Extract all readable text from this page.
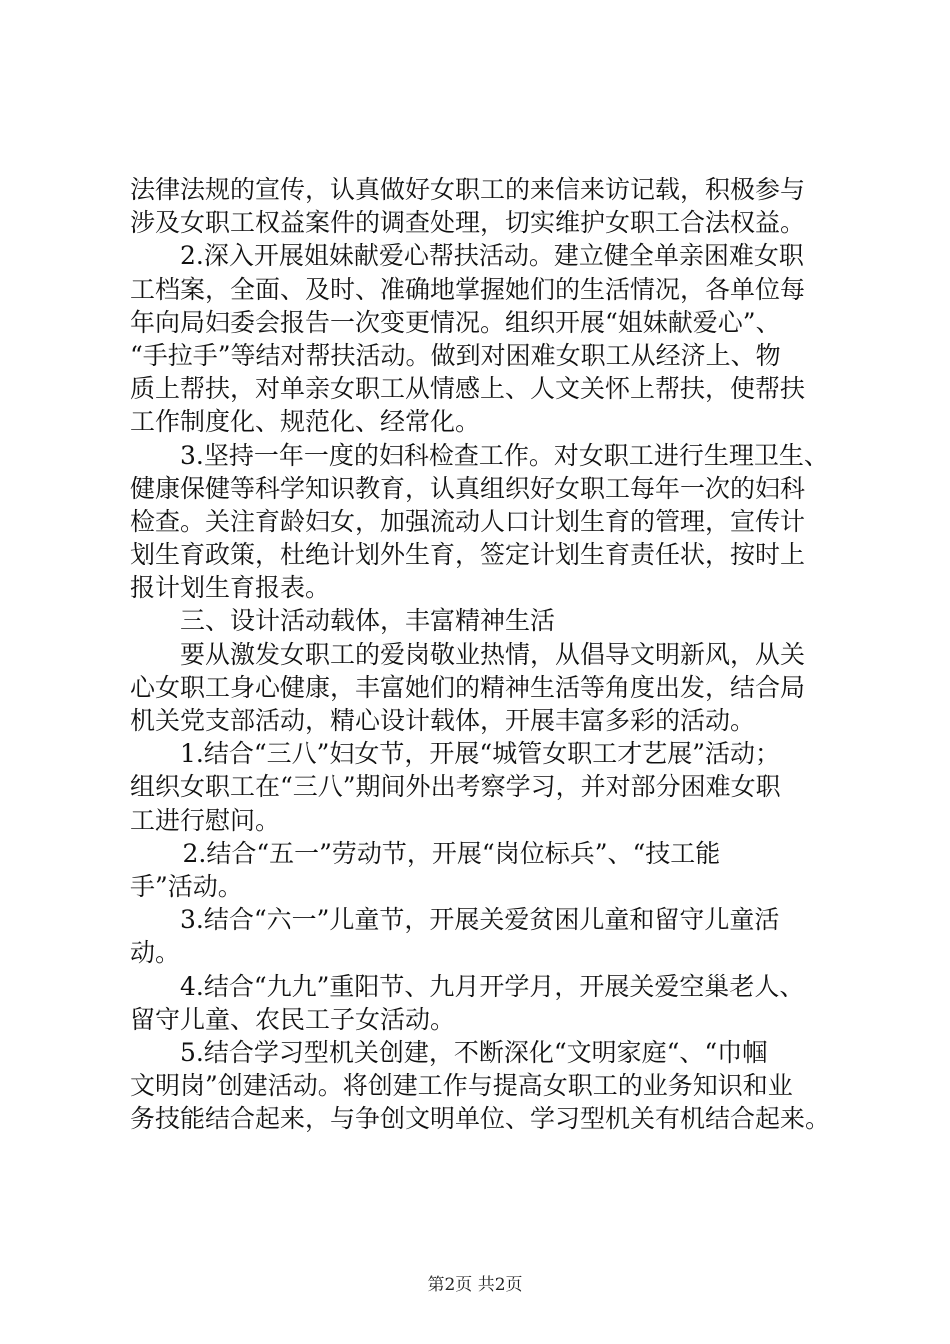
法律法规的宣传，认真做好女职工的来信来访记载，积极参与
涉及女职工权益案件的调查处理，切实维护女职工合法权益。
2.深入开展姐妹献爱心帮扶活动。建立健全单亲困难女职
工档案，全面、及时、准确地掌握她们的生活情况，各单位每
年向局妇委会报告一次变更情况。组织开展“姐妹献爱心”、
“手拉手”等结对帮扶活动。做到对困难女职工从经济上、物
质上帮扶，对单亲女职工从情感上、人文关怀上帮扶，使帮扶
工作制度化、规范化、经常化。
3.坚持一年一度的妇科检查工作。对女职工进行生理卫生、
健康保健等科学知识教育，认真组织好女职工每年一次的妇科
检查。关注育龄妇女，加强流动人口计划生育的管理，宣传计
划生育政策，杜绝计划外生育，签定计划生育责任状，按时上
报计划生育报表。
三、设计活动载体，丰富精神生活
要从激发女职工的爱岗敬业热情，从倡导文明新风，从关
心女职工身心健康，丰富她们的精神生活等角度出发，结合局
机关党支部活动，精心设计载体，开展丰富多彩的活动。
1.结合“三八”妇女节，开展“城管女职工才艺展”活动；
组织女职工在“三八”期间外出考察学习，并对部分困难女职
工进行慰问。
2.结合“五一”劳动节，开展“岗位标兵”、“技工能
手”活动。
3.结合“六一”儿童节，开展关爱贫困儿童和留守儿童活
动。
4.结合“九九”重阳节、九月开学月，开展关爱空巢老人、
留守儿童、农民工子女活动。
5.结合学习型机关创建，不断深化“文明家庭“、“巾帼
文明岗”创建活动。将创建工作与提高女职工的业务知识和业
务技能结合起来，与争创文明单位、学习型机关有机结合起来。
第2页 共2页
